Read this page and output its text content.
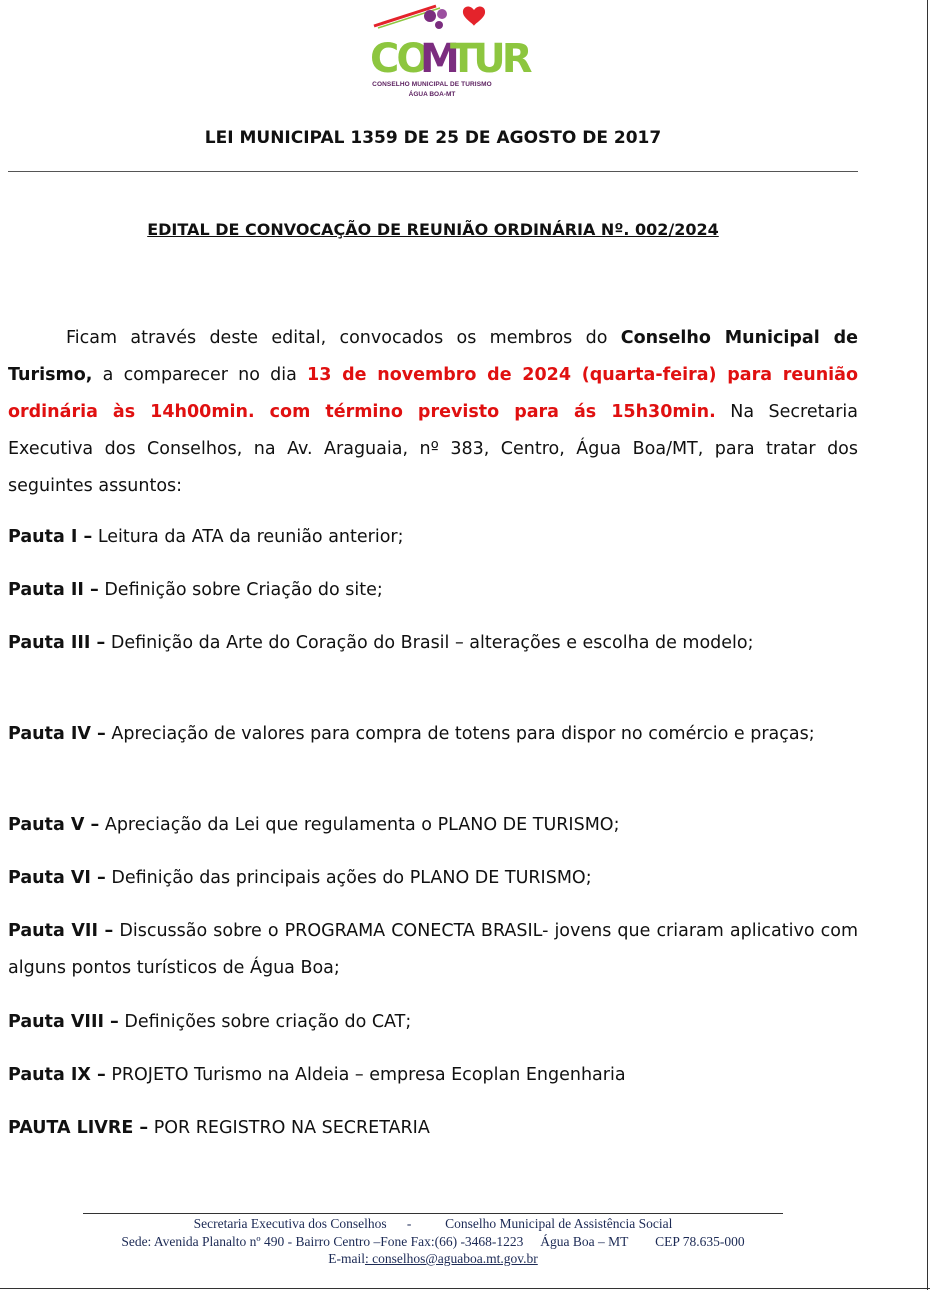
CO
M
TUR
CONSELHO MUNICIPAL DE TURISMO
ÁGUA BOA-MT
LEI MUNICIPAL 1359 DE 25 DE AGOSTO DE 2017
EDITAL DE CONVOCAÇÃO DE REUNIÃO ORDINÁRIA Nº. 002/2024
Ficam através deste edital, convocados os membros do Conselho Municipal de Turismo, a comparecer no dia 13 de novembro de 2024 (quarta-feira) para reunião ordinária às 14h00min. com término previsto para ás 15h30min. Na Secretaria Executiva dos Conselhos, na Av. Araguaia, nº 383, Centro, Água Boa/MT, para tratar dos seguintes assuntos:
Pauta I – Leitura da ATA da reunião anterior;
Pauta II – Definição sobre Criação do site;
Pauta III – Definição da Arte do Coração do Brasil – alterações e escolha de modelo;
Pauta IV – Apreciação de valores para compra de totens para dispor no comércio e praças;
Pauta V – Apreciação da Lei que regulamenta o PLANO DE TURISMO;
Pauta VI – Definição das principais ações do PLANO DE TURISMO;
Pauta VII – Discussão sobre o PROGRAMA CONECTA BRASIL- jovens que criaram aplicativo com alguns pontos turísticos de Água Boa;
Pauta VIII – Definições sobre criação do CAT;
Pauta IX – PROJETO Turismo na Aldeia – empresa Ecoplan Engenharia
PAUTA LIVRE – POR REGISTRO NA SECRETARIA
Secretaria Executiva dos Conselhos      -          Conselho Municipal de Assistência Social
Sede: Avenida Planalto nº 490 - Bairro Centro –Fone Fax:(66) -3468-1223     Água Boa – MT        CEP 78.635-000
E-mail: conselhos@aguaboa.mt.gov.br
